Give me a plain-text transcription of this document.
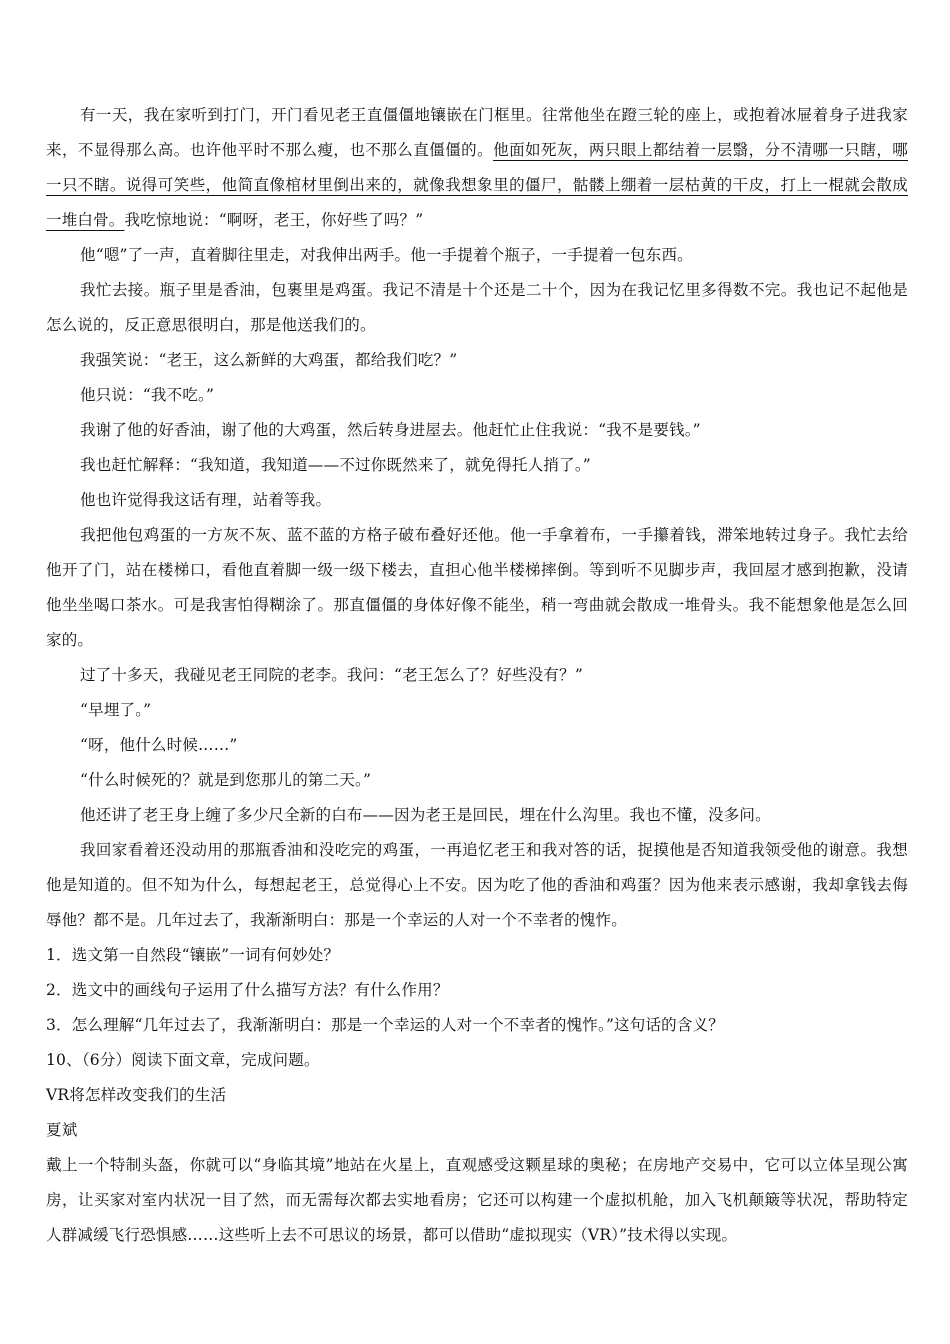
有一天，我在家听到打门，开门看见老王直僵僵地镶嵌在门框里。往常他坐在蹬三轮的座上，或抱着冰屉着身子进我家来，不显得那么高。也许他平时不那么瘦，也不那么直僵僵的。他面如死灰，两只眼上都结着一层翳，分不清哪一只瞎，哪一只不瞎。说得可笑些，他简直像棺材里倒出来的，就像我想象里的僵尸，骷髅上绷着一层枯黄的干皮，打上一棍就会散成一堆白骨。我吃惊地说：“啊呀，老王，你好些了吗？”

他“嗯”了一声，直着脚往里走，对我伸出两手。他一手提着个瓶子，一手提着一包东西。

我忙去接。瓶子里是香油，包裹里是鸡蛋。我记不清是十个还是二十个，因为在我记忆里多得数不完。我也记不起他是怎么说的，反正意思很明白，那是他送我们的。

我强笑说：“老王，这么新鲜的大鸡蛋，都给我们吃？”

他只说：“我不吃。”

我谢了他的好香油，谢了他的大鸡蛋，然后转身进屋去。他赶忙止住我说：“我不是要钱。”

我也赶忙解释：“我知道，我知道——不过你既然来了，就免得托人捎了。”

他也许觉得我这话有理，站着等我。

我把他包鸡蛋的一方灰不灰、蓝不蓝的方格子破布叠好还他。他一手拿着布，一手攥着钱，滞笨地转过身子。我忙去给他开了门，站在楼梯口，看他直着脚一级一级下楼去，直担心他半楼梯摔倒。等到听不见脚步声，我回屋才感到抱歉，没请他坐坐喝口茶水。可是我害怕得糊涂了。那直僵僵的身体好像不能坐，稍一弯曲就会散成一堆骨头。我不能想象他是怎么回家的。

过了十多天，我碰见老王同院的老李。我问：“老王怎么了？好些没有？”

“早埋了。”

“呀，他什么时候……”

“什么时候死的？就是到您那儿的第二天。”

他还讲了老王身上缠了多少尺全新的白布——因为老王是回民，埋在什么沟里。我也不懂，没多问。

我回家看着还没动用的那瓶香油和没吃完的鸡蛋，一再追忆老王和我对答的话，捉摸他是否知道我领受他的谢意。我想他是知道的。但不知为什么，每想起老王，总觉得心上不安。因为吃了他的香油和鸡蛋？因为他来表示感谢，我却拿钱去侮辱他？都不是。几年过去了，我渐渐明白：那是一个幸运的人对一个不幸者的愧怍。

1．选文第一自然段“镶嵌”一词有何妙处？

2．选文中的画线句子运用了什么描写方法？有什么作用？

3．怎么理解“几年过去了，我渐渐明白：那是一个幸运的人对一个不幸者的愧怍。”这句话的含义？

10、（6分）阅读下面文章，完成问题。

VR将怎样改变我们的生活

夏斌

戴上一个特制头盔，你就可以“身临其境”地站在火星上，直观感受这颗星球的奥秘；在房地产交易中，它可以立体呈现公寓房，让买家对室内状况一目了然，而无需每次都去实地看房；它还可以构建一个虚拟机舱，加入飞机颠簸等状况，帮助特定人群减缓飞行恐惧感……这些听上去不可思议的场景，都可以借助“虚拟现实（VR）”技术得以实现。
